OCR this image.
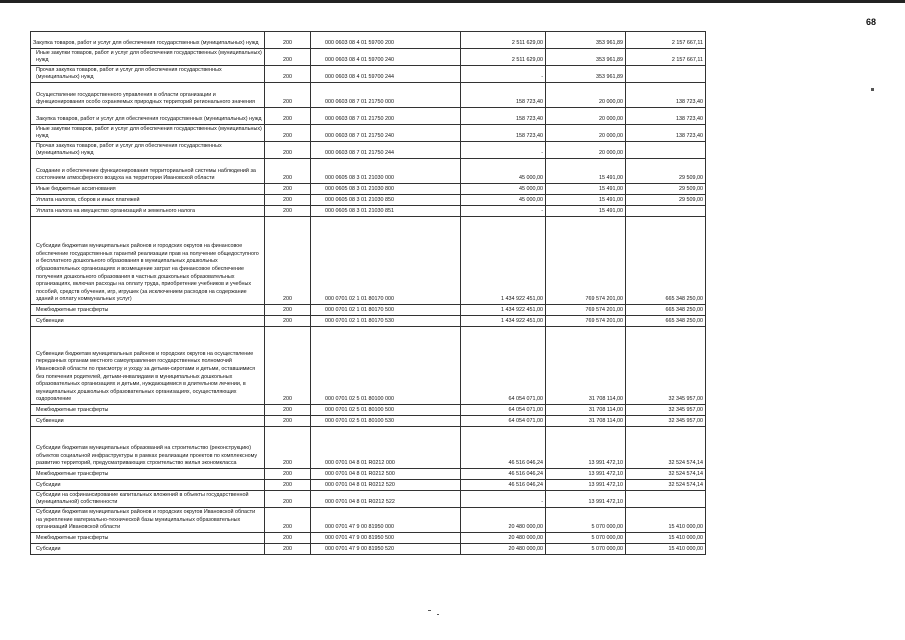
68
Закупка товаров, работ и услуг для обеспечения государственных (муниципальных) нужд	200	000 0603 08 4 01 59700 200	2 511 629,00	353 961,89	2 157 667,11
Иные закупки товаров, работ и услуг для обеспечения государственных (муниципальных) нужд	200	000 0603 08 4 01 59700 240	2 511 629,00	353 961,89	2 157 667,11
Прочая закупка товаров, работ и услуг для обеспечения государственных (муниципальных) нужд	200	000 0603 08 4 01 59700 244	-	353 961,89	
Осуществление государственного управления в области организации и функционирования особо охраняемых природных территорий регионального значения	200	000 0603 08 7 01 21750 000	158 723,40	20 000,00	138 723,40
Закупка товаров, работ и услуг для обеспечения государственных (муниципальных) нужд	200	000 0603 08 7 01 21750 200	158 723,40	20 000,00	138 723,40
Иные закупки товаров, работ и услуг для обеспечения государственных (муниципальных) нужд	200	000 0603 08 7 01 21750 240	158 723,40	20 000,00	138 723,40
Прочая закупка товаров, работ и услуг для обеспечения государственных (муниципальных) нужд	200	000 0603 08 7 01 21750 244	-	20 000,00	
Создание и обеспечение функционирования территориальной системы наблюдений за состоянием атмосферного воздуха на территории Ивановской области	200	000 0605 08 3 01 21030 000	45 000,00	15 491,00	29 509,00
Иные бюджетные ассигнования	200	000 0605 08 3 01 21030 800	45 000,00	15 491,00	29 509,00
Уплата налогов, сборов и иных платежей	200	000 0605 08 3 01 21030 850	45 000,00	15 491,00	29 509,00
Уплата налога на имущество организаций и земельного налога	200	000 0605 08 3 01 21030 851	-	15 491,00	
Субсидии бюджетам муниципальных районов и городских округов на финансовое обеспечение государственных гарантий реализации прав на получение общедоступного и бесплатного дошкольного образования в муниципальных дошкольных образовательных организациях и возмещение затрат на финансовое обеспечение получения дошкольного образования в частных дошкольных образовательных организациях, включая расходы на оплату труда, приобретение учебников и учебных пособий, средств обучения, игр, игрушек (за исключением расходов на содержание зданий и оплату коммунальных услуг)	200	000 0701 02 1 01 80170 000	1 434 922 451,00	769 574 201,00	665 348 250,00
Межбюджетные трансферты	200	000 0701 02 1 01 80170 500	1 434 922 451,00	769 574 201,00	665 348 250,00
Субвенции	200	000 0701 02 1 01 80170 530	1 434 922 451,00	769 574 201,00	665 348 250,00
Субвенции бюджетам муниципальных районов и городских округов на осуществление переданных органам местного самоуправления государственных полномочий Ивановской области по присмотру и уходу за детьми-сиротами и детьми, оставшимися без попечения родителей, детьми-инвалидами в муниципальных дошкольных образовательных организациях и детьми, нуждающимися в длительном лечении, в муниципальных дошкольных образовательных организациях, осуществляющих оздоровление	200	000 0701 02 5 01 80100 000	64 054 071,00	31 708 114,00	32 345 957,00
Межбюджетные трансферты	200	000 0701 02 5 01 80100 500	64 054 071,00	31 708 114,00	32 345 957,00
Субвенции	200	000 0701 02 5 01 80100 530	64 054 071,00	31 708 114,00	32 345 957,00
Субсидии бюджетам муниципальных образований на строительство (реконструкцию) объектов социальной инфраструктуры в рамках реализации проектов по комплексному развитию территорий, предусматривающих строительство жилья экономкласса	200	000 0701 04 8 01 R0212 000	46 516 046,24	13 991 472,10	32 524 574,14
Межбюджетные трансферты	200	000 0701 04 8 01 R0212 500	46 516 046,24	13 991 472,10	32 524 574,14
Субсидии	200	000 0701 04 8 01 R0212 520	46 516 046,24	13 991 472,10	32 524 574,14
Субсидии на софинансирование капитальных вложений в объекты государственной (муниципальной) собственности	200	000 0701 04 8 01 R0212 522	-	13 991 472,10	
Субсидии бюджетам муниципальных районов и городских округов Ивановской области на укрепление материально-технической базы муниципальных образовательных организаций Ивановской области	200	000 0701 47 9 00 81950 000	20 480 000,00	5 070 000,00	15 410 000,00
Межбюджетные трансферты	200	000 0701 47 9 00 81950 500	20 480 000,00	5 070 000,00	15 410 000,00
Субсидии	200	000 0701 47 9 00 81950 520	20 480 000,00	5 070 000,00	15 410 000,00
